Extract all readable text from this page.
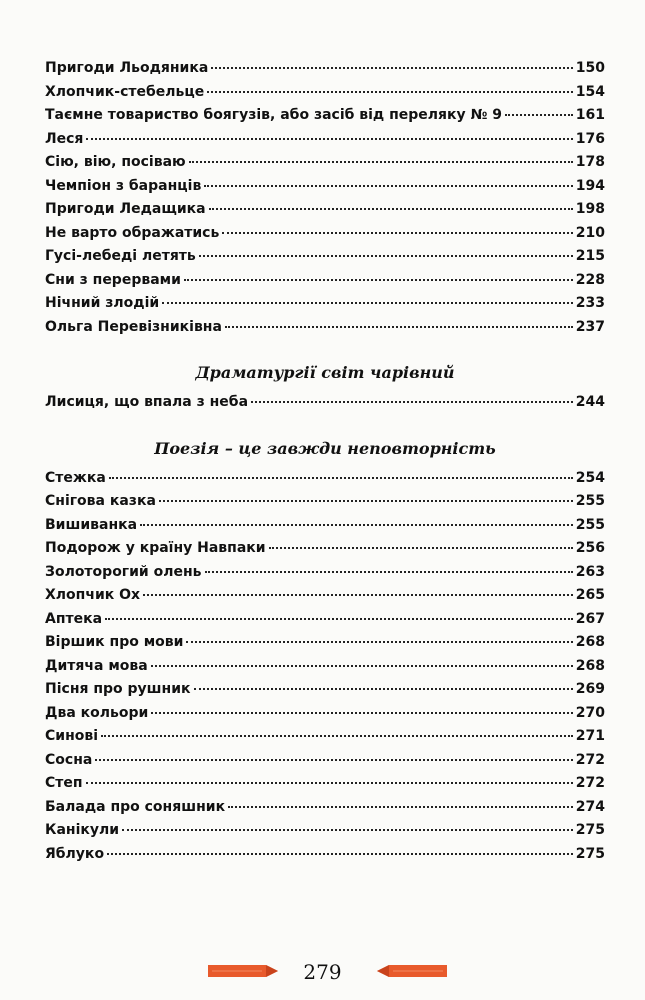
Пригоди Льодяника	150
Хлопчик-стебельце	154
Таємне товариство боягузів, або засіб від переляку № 9	161
Леся	176
Сію, вію, посіваю	178
Чемпіон з баранців	194
Пригоди Ледащика	198
Не варто ображатись	210
Гусі-лебеді летять	215
Сни з перервами	228
Нічний злодій	233
Ольга Перевізниківна	237
Драматургії світ чарівний
Лисиця, що впала з неба	244
Поезія – це завжди неповторність
Стежка	254
Снігова казка	255
Вишиванка	255
Подорож у країну Навпаки	256
Золоторогий олень	263
Хлопчик Ох	265
Аптека	267
Віршик про мови	268
Дитяча мова	268
Пісня про рушник	269
Два кольори	270
Синові	271
Сосна	272
Степ	272
Балада про соняшник	274
Канікули	275
Яблуко	275
279
